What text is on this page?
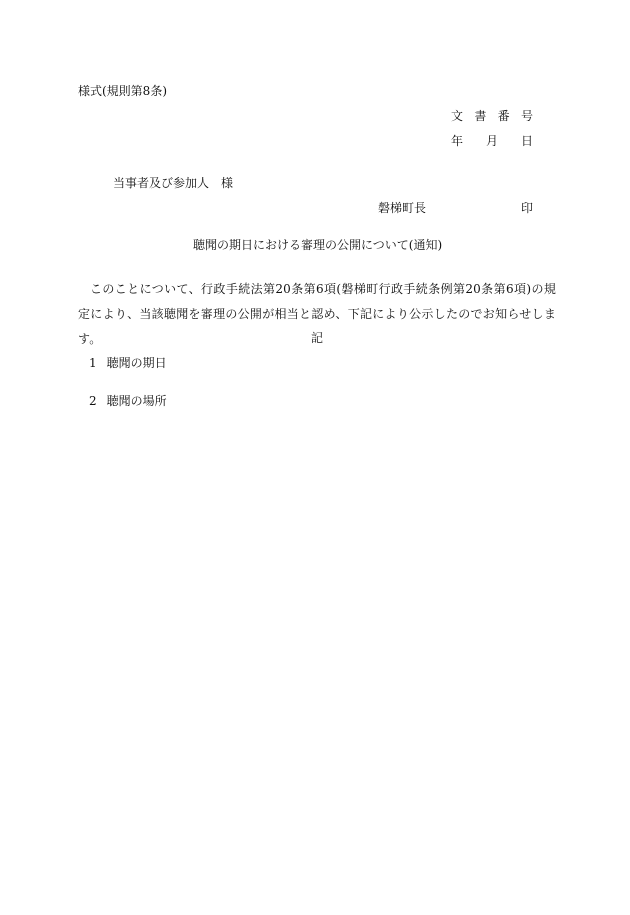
様式(規則第8条)
文 書 番 号
年 月 日
当事者及び参加人　様
磐梯町長	印
聴聞の期日における審理の公開について(通知)
このことについて、行政手続法第20条第6項(磐梯町行政手続条例第20条第6項)の規定により、当該聴聞を審理の公開が相当と認め、下記により公示したのでお知らせします。	記
1 聴聞の期日
2 聴聞の場所
